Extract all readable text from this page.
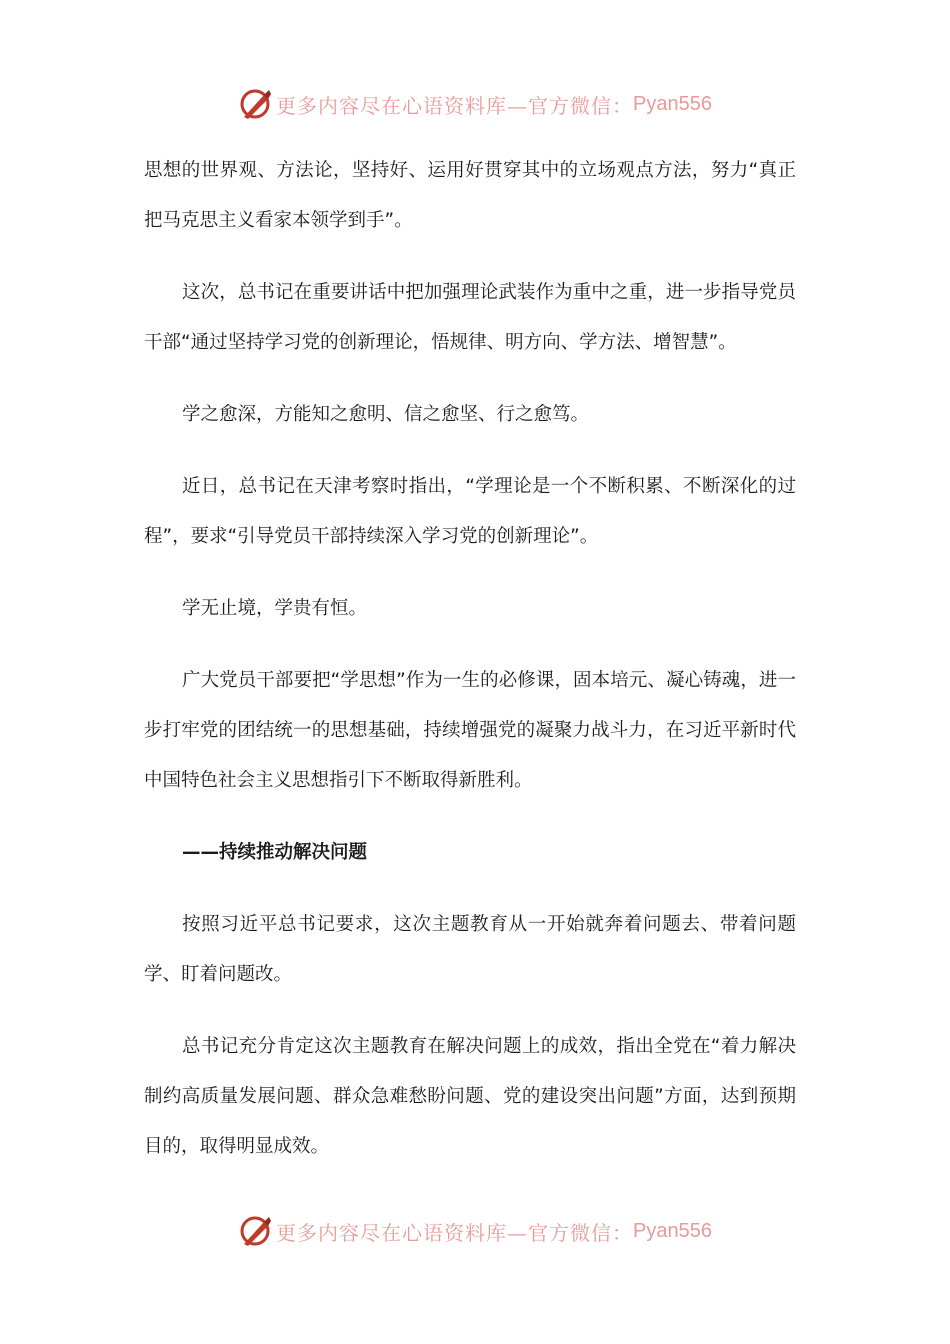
更多内容尽在心语资料库—官方微信： Pyan556

思想的世界观、方法论，坚持好、运用好贯穿其中的立场观点方法，努力“真正把马克思主义看家本领学到手”。

这次，总书记在重要讲话中把加强理论武装作为重中之重，进一步指导党员干部“通过坚持学习党的创新理论，悟规律、明方向、学方法、增智慧”。

学之愈深，方能知之愈明、信之愈坚、行之愈笃。

近日，总书记在天津考察时指出，“学理论是一个不断积累、不断深化的过程”，要求“引导党员干部持续深入学习党的创新理论”。

学无止境，学贵有恒。

广大党员干部要把“学思想”作为一生的必修课，固本培元、凝心铸魂，进一步打牢党的团结统一的思想基础，持续增强党的凝聚力战斗力，在习近平新时代中国特色社会主义思想指引下不断取得新胜利。

——持续推动解决问题

按照习近平总书记要求，这次主题教育从一开始就奔着问题去、带着问题学、盯着问题改。

总书记充分肯定这次主题教育在解决问题上的成效，指出全党在“着力解决制约高质量发展问题、群众急难愁盼问题、党的建设突出问题”方面，达到预期目的，取得明显成效。

更多内容尽在心语资料库—官方微信： Pyan556
